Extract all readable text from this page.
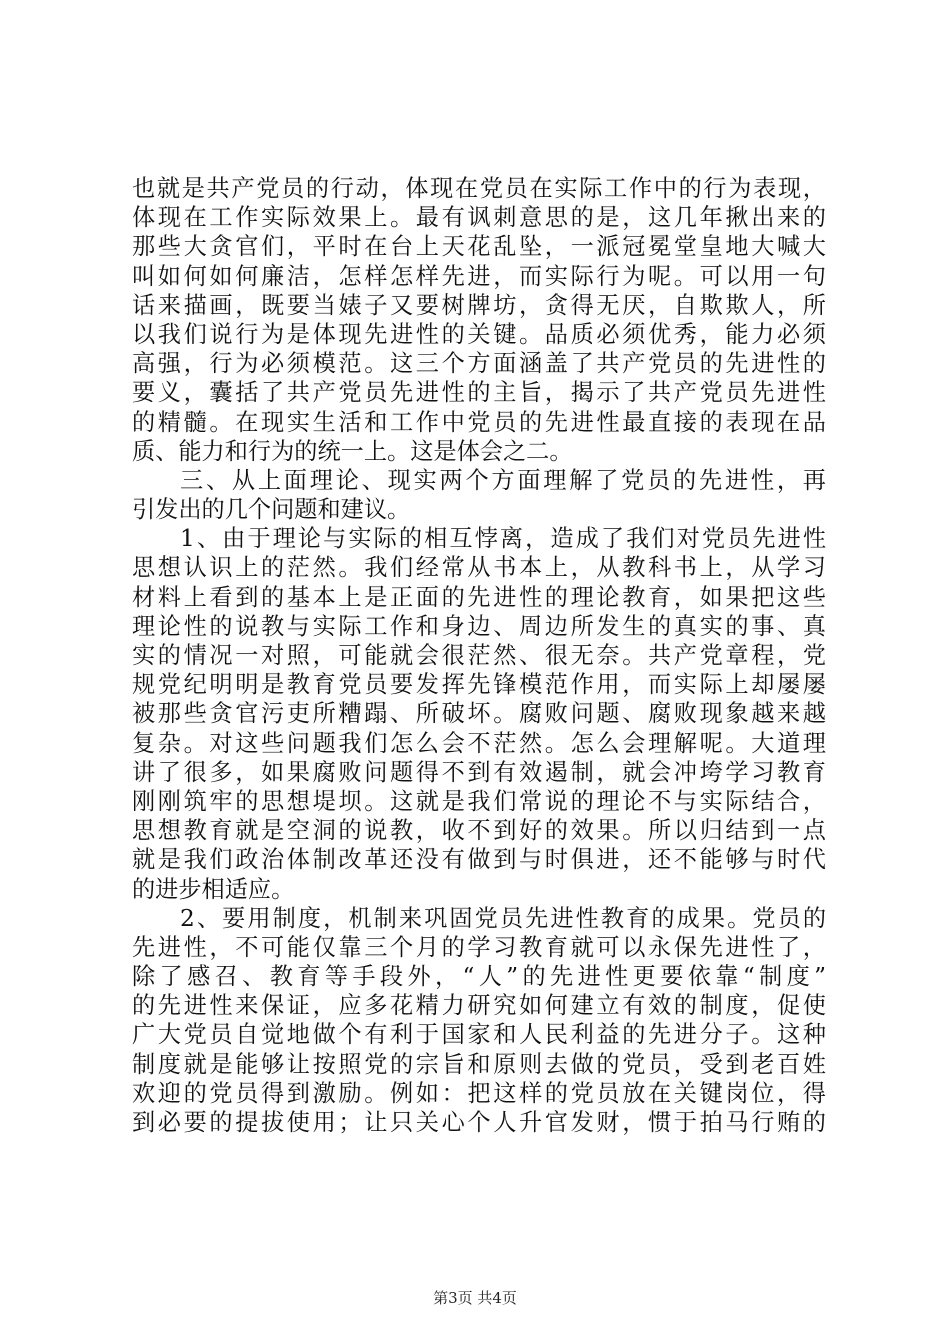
也就是共产党员的行动，体现在党员在实际工作中的行为表现，
体现在工作实际效果上。最有讽刺意思的是，这几年揪出来的
那些大贪官们，平时在台上天花乱坠，一派冠冕堂皇地大喊大
叫如何如何廉洁，怎样怎样先进，而实际行为呢。可以用一句
话来描画，既要当婊子又要树牌坊，贪得无厌，自欺欺人，所
以我们说行为是体现先进性的关键。品质必须优秀，能力必须
高强，行为必须模范。这三个方面涵盖了共产党员的先进性的
要义，囊括了共产党员先进性的主旨，揭示了共产党员先进性
的精髓。在现实生活和工作中党员的先进性最直接的表现在品
质、能力和行为的统一上。这是体会之二。
三、从上面理论、现实两个方面理解了党员的先进性，再
引发出的几个问题和建议。
1、由于理论与实际的相互悖离，造成了我们对党员先进性
思想认识上的茫然。我们经常从书本上，从教科书上，从学习
材料上看到的基本上是正面的先进性的理论教育，如果把这些
理论性的说教与实际工作和身边、周边所发生的真实的事、真
实的情况一对照，可能就会很茫然、很无奈。共产党章程，党
规党纪明明是教育党员要发挥先锋模范作用，而实际上却屡屡
被那些贪官污吏所糟蹋、所破坏。腐败问题、腐败现象越来越
复杂。对这些问题我们怎么会不茫然。怎么会理解呢。大道理
讲了很多，如果腐败问题得不到有效遏制，就会冲垮学习教育
刚刚筑牢的思想堤坝。这就是我们常说的理论不与实际结合，
思想教育就是空洞的说教，收不到好的效果。所以归结到一点
就是我们政治体制改革还没有做到与时俱进，还不能够与时代
的进步相适应。
2、要用制度，机制来巩固党员先进性教育的成果。党员的
先进性，不可能仅靠三个月的学习教育就可以永保先进性了，
除了感召、教育等手段外，“人”的先进性更要依靠“制度”
的先进性来保证，应多花精力研究如何建立有效的制度，促使
广大党员自觉地做个有利于国家和人民利益的先进分子。这种
制度就是能够让按照党的宗旨和原则去做的党员，受到老百姓
欢迎的党员得到激励。例如：把这样的党员放在关键岗位，得
到必要的提拔使用；让只关心个人升官发财，惯于拍马行贿的
第3页 共4页
